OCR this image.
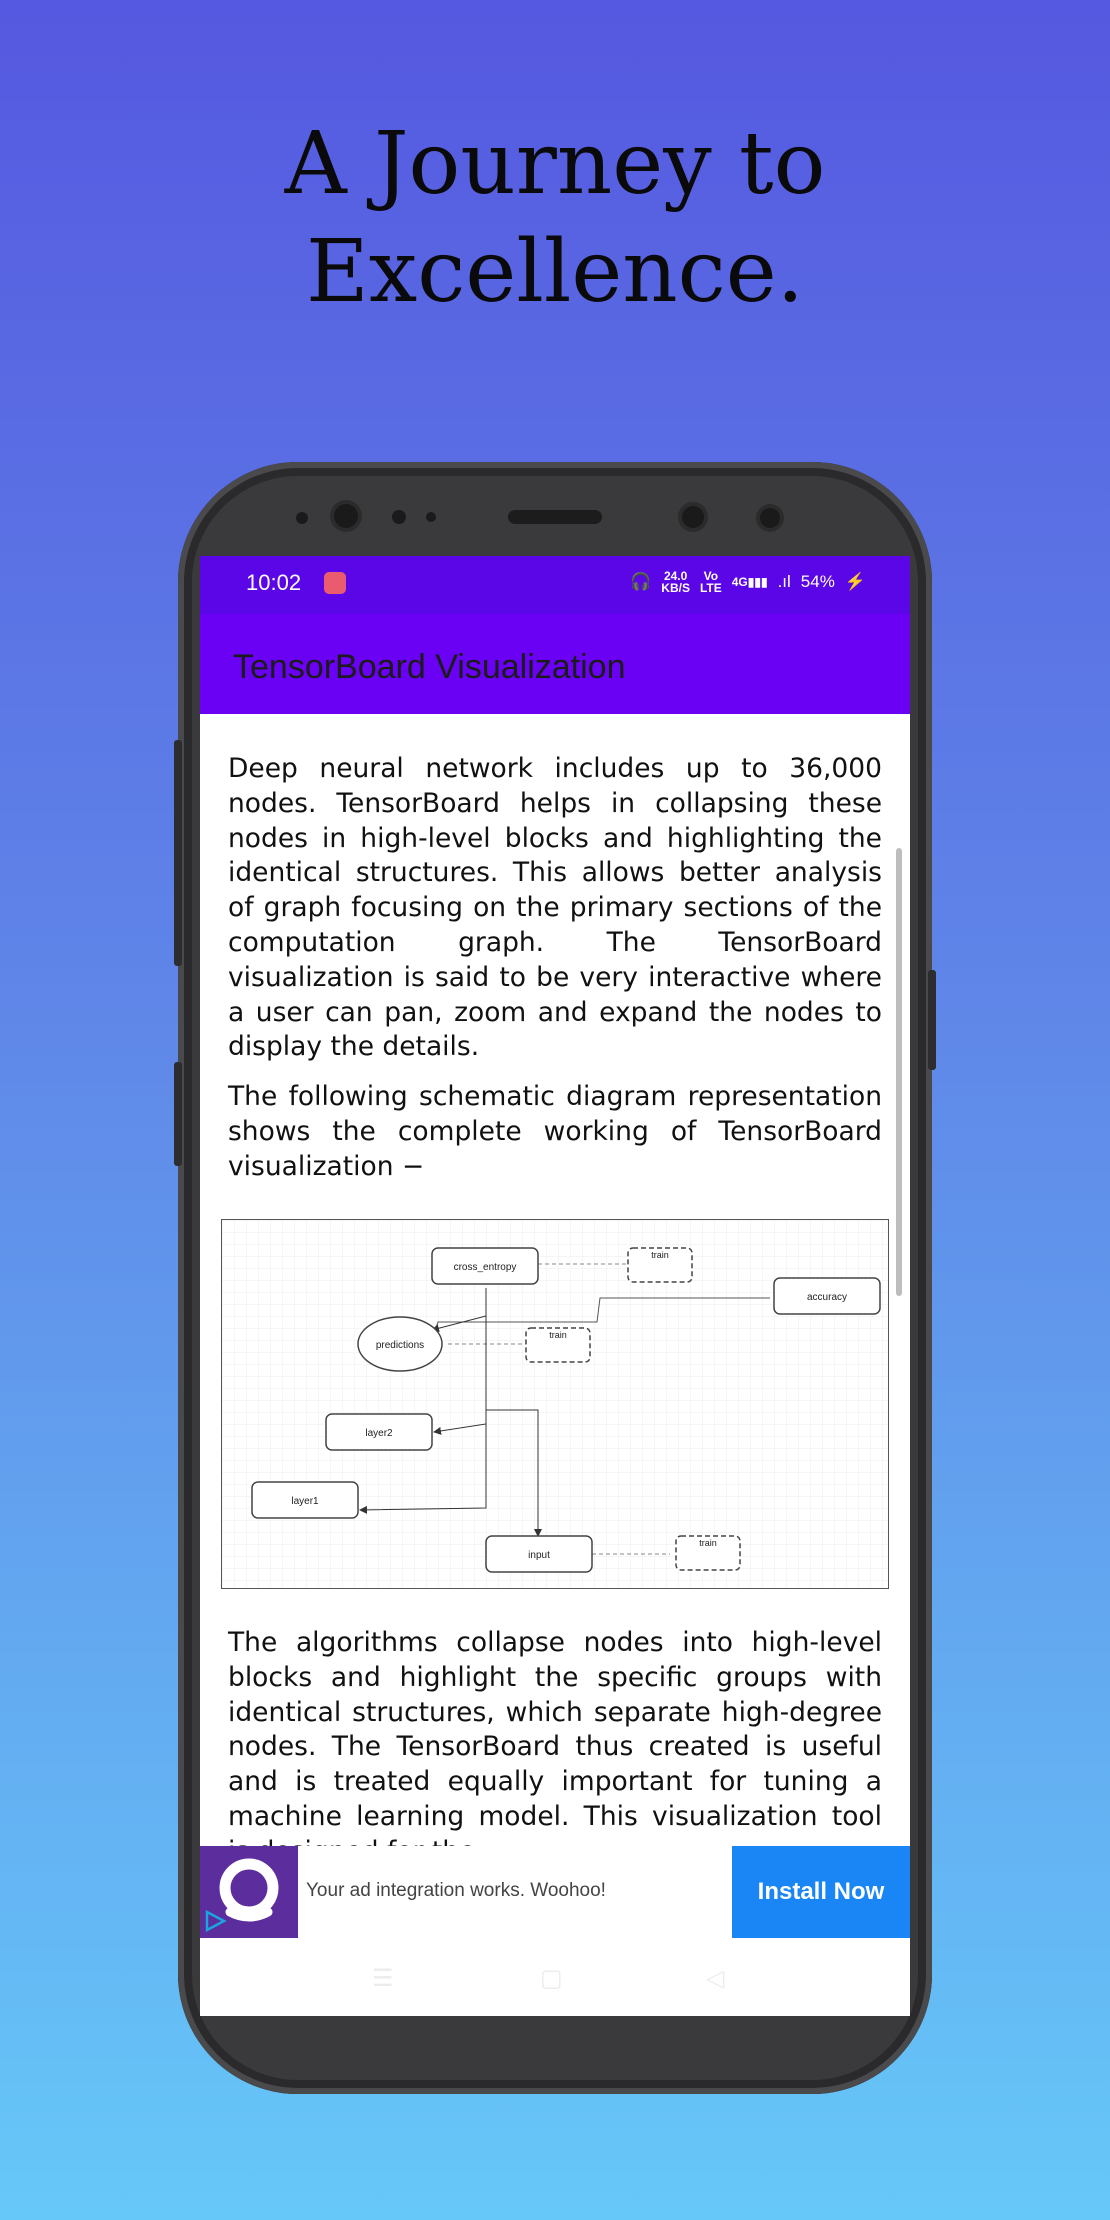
A Journey to
Excellence.
10:02	🎧 24.0
KB/S
Vo
LTE 4G▮▮▮ .ıl 54% ⚡
TensorBoard Visualization

Deep neural network includes up to 36,000 nodes. TensorBoard helps in collapsing these nodes in high-level blocks and highlighting the identical structures. This allows better analysis of graph focusing on the primary sections of the computation graph. The TensorBoard visualization is said to be very interactive where a user can pan, zoom and expand the nodes to display the details.

The following schematic diagram representation shows the complete working of TensorBoard visualization −

cross_entropy
train
accuracy
predictions
train
layer2
layer1
input
train

The algorithms collapse nodes into high-level blocks and highlight the specific groups with identical structures, which separate high-degree nodes. The TensorBoard thus created is useful and is treated equally important for tuning a machine learning model. This visualization tool

Your ad integration works. Woohoo!	Install Now
☰	▢	◁
